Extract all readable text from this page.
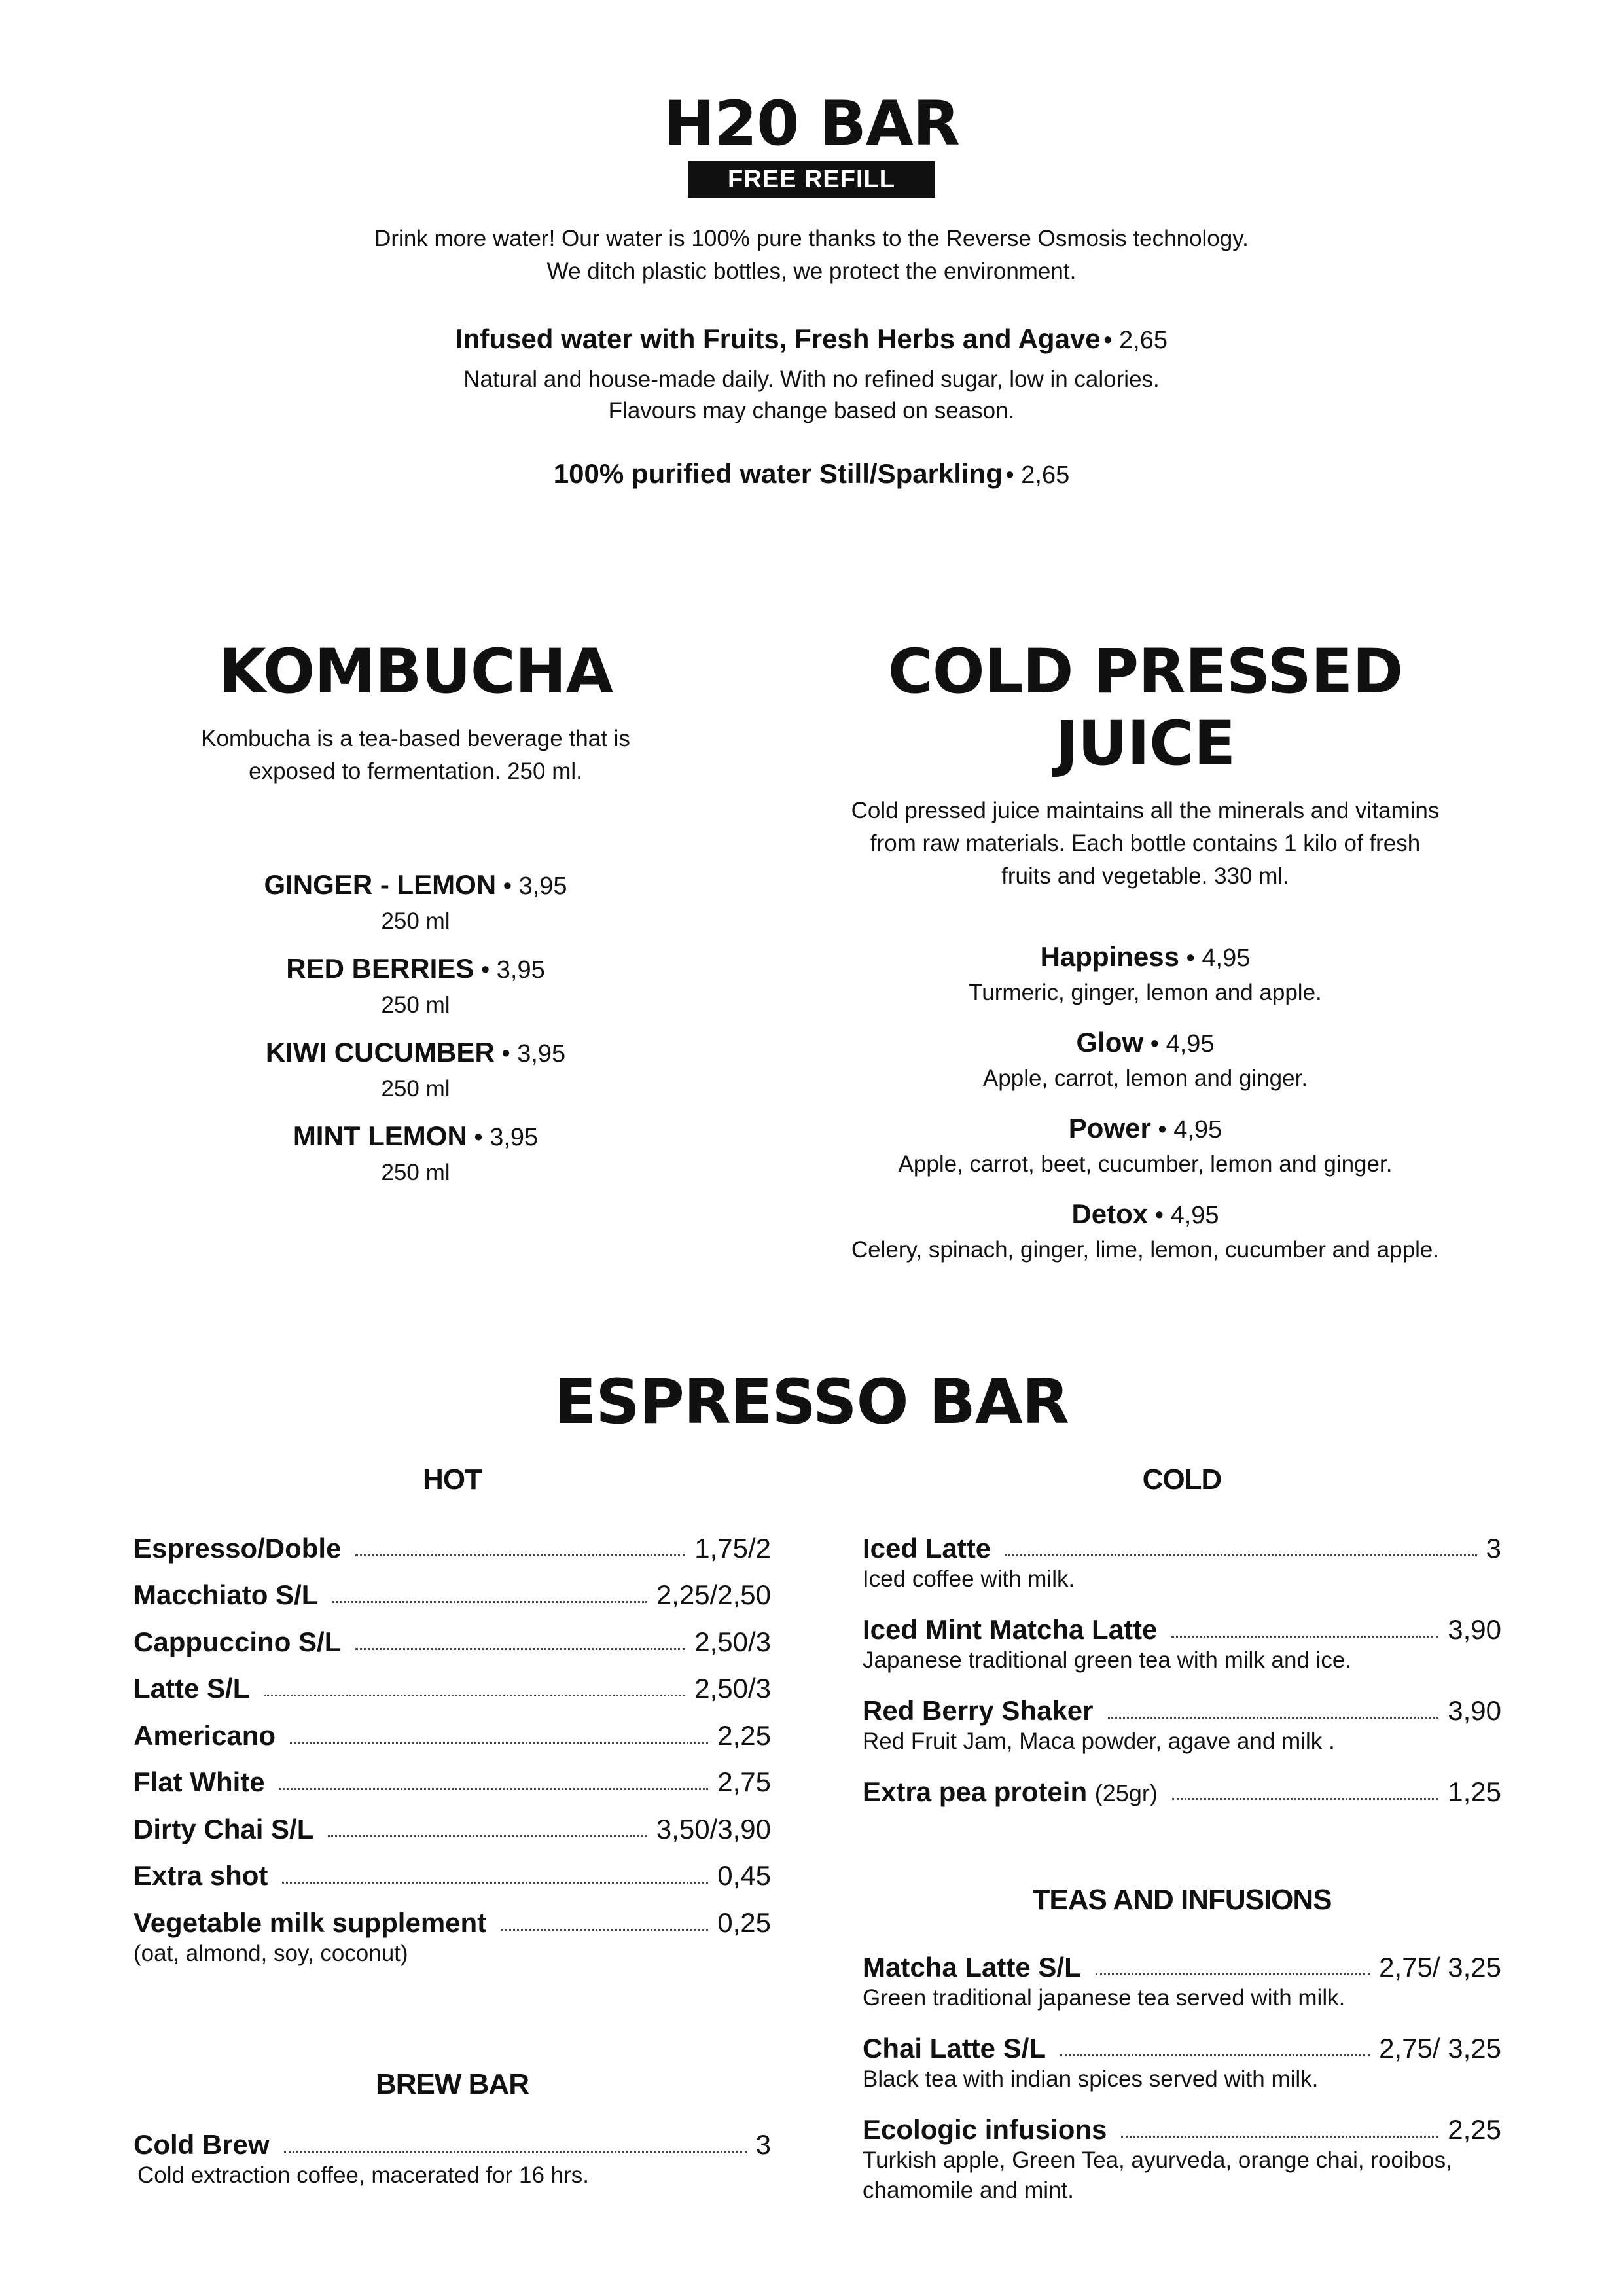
H20 BAR
FREE REFILL
Drink more water! Our water is 100% pure thanks to the Reverse Osmosis technology.
We ditch plastic bottles, we protect the environment.
Infused water with Fruits, Fresh Herbs and Agave • 2,65
Natural and house-made daily. With no refined sugar, low in calories.
Flavours may change based on season.
100% purified water Still/Sparkling • 2,65
KOMBUCHA
Kombucha is a tea-based beverage that is
exposed to fermentation. 250 ml.
GINGER - LEMON • 3,95
250 ml
RED BERRIES • 3,95
250 ml
KIWI CUCUMBER • 3,95
250 ml
MINT LEMON • 3,95
250 ml
COLD PRESSED JUICE
Cold pressed juice maintains all the minerals and vitamins
from raw materials. Each bottle contains 1 kilo of fresh
fruits and vegetable. 330 ml.
Happiness • 4,95
Turmeric, ginger, lemon and apple.
Glow • 4,95
Apple, carrot, lemon and ginger.
Power • 4,95
Apple, carrot, beet, cucumber, lemon and ginger.
Detox • 4,95
Celery, spinach, ginger, lime, lemon, cucumber and apple.
ESPRESSO BAR
HOT	COLD
Espresso/Doble	1,75/2
Macchiato S/L	2,25/2,50
Cappuccino S/L	2,50/3
Latte S/L	2,50/3
Americano	2,25
Flat White	2,75
Dirty Chai S/L	3,50/3,90
Extra shot	0,45
Vegetable milk supplement	0,25
(oat, almond, soy, coconut)
Iced Latte	3
Iced coffee with milk.
Iced Mint Matcha Latte	3,90
Japanese traditional green tea with milk and ice.
Red Berry Shaker	3,90
Red Fruit Jam, Maca powder, agave and milk .
Extra pea protein (25gr)	1,25
TEAS AND INFUSIONS
Matcha Latte S/L	2,75/ 3,25
Green traditional japanese tea served with milk.
Chai Latte S/L	2,75/ 3,25
Black tea with indian spices served with milk.
Ecologic infusions	2,25
Turkish apple, Green Tea, ayurveda, orange chai, rooibos,
chamomile and mint.
BREW BAR
Cold Brew	3
Cold extraction coffee, macerated for 16 hrs.
